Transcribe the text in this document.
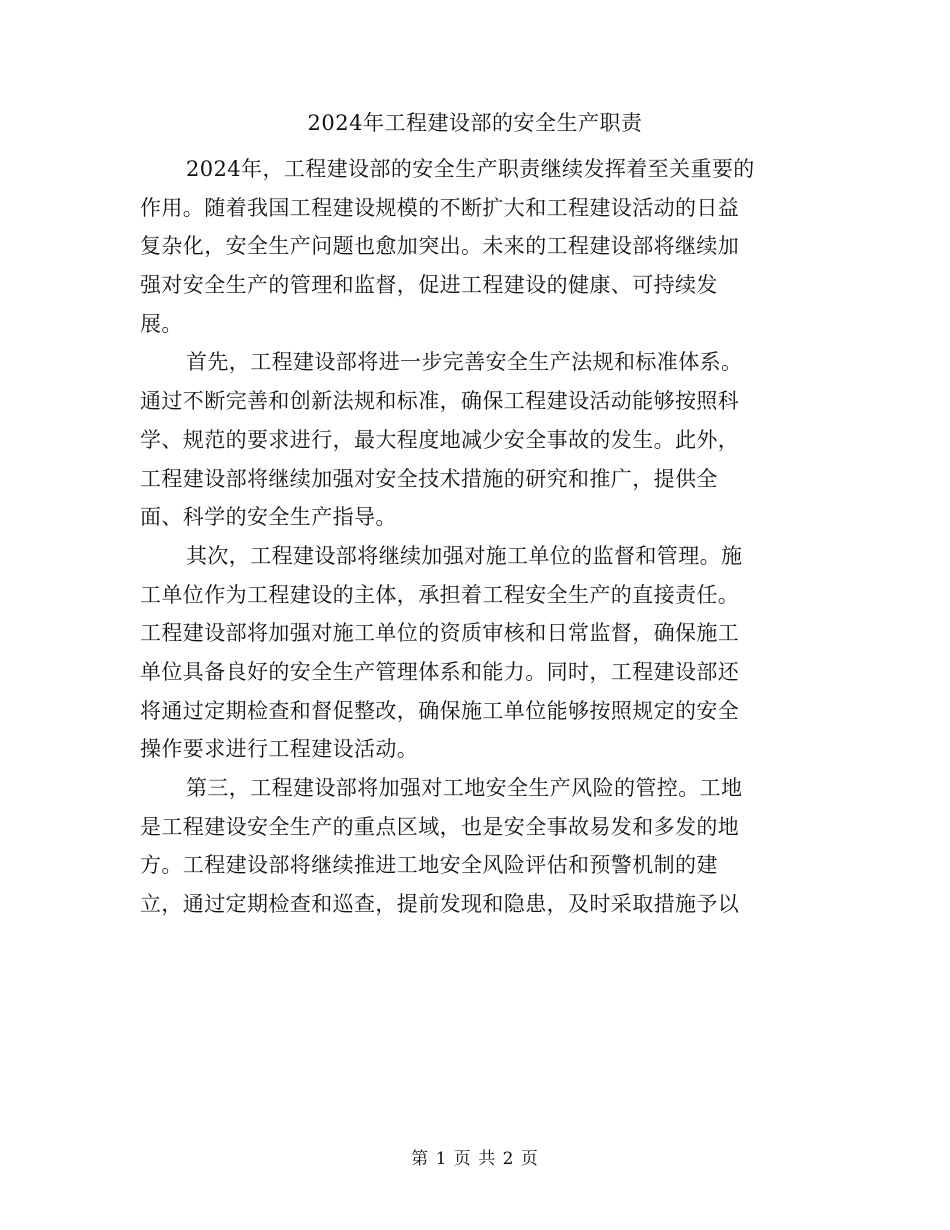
2024年工程建设部的安全生产职责
2024年，工程建设部的安全生产职责继续发挥着至关重要的
作用。随着我国工程建设规模的不断扩大和工程建设活动的日益
复杂化，安全生产问题也愈加突出。未来的工程建设部将继续加
强对安全生产的管理和监督，促进工程建设的健康、可持续发
展。
首先，工程建设部将进一步完善安全生产法规和标准体系。
通过不断完善和创新法规和标准，确保工程建设活动能够按照科
学、规范的要求进行，最大程度地减少安全事故的发生。此外，
工程建设部将继续加强对安全技术措施的研究和推广，提供全
面、科学的安全生产指导。
其次，工程建设部将继续加强对施工单位的监督和管理。施
工单位作为工程建设的主体，承担着工程安全生产的直接责任。
工程建设部将加强对施工单位的资质审核和日常监督，确保施工
单位具备良好的安全生产管理体系和能力。同时，工程建设部还
将通过定期检查和督促整改，确保施工单位能够按照规定的安全
操作要求进行工程建设活动。
第三，工程建设部将加强对工地安全生产风险的管控。工地
是工程建设安全生产的重点区域，也是安全事故易发和多发的地
方。工程建设部将继续推进工地安全风险评估和预警机制的建
立，通过定期检查和巡查，提前发现和隐患，及时采取措施予以
第 1 页 共 2 页
